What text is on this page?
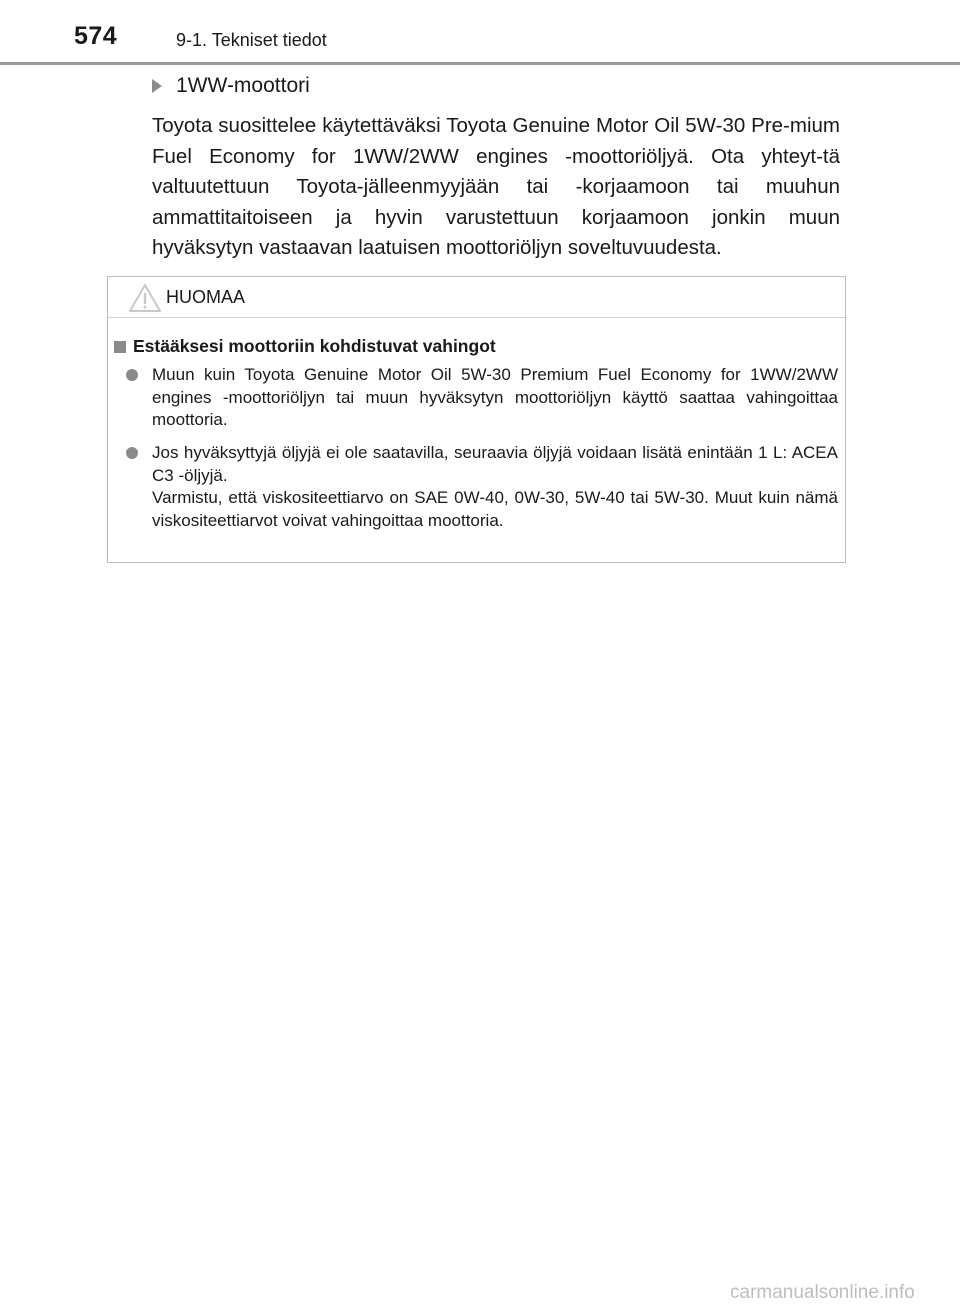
574	9-1. Tekniset tiedot
1WW-moottori
Toyota suosittelee käytettäväksi Toyota Genuine Motor Oil 5W-30 Pre-mium Fuel Economy for 1WW/2WW engines -moottoriöljyä. Ota yhteyt-tä valtuutettuun Toyota-jälleenmyyjään tai -korjaamoon tai muuhun ammattitaitoiseen ja hyvin varustettuun korjaamoon jonkin muun hyväksytyn vastaavan laatuisen moottoriöljyn soveltuvuudesta.
HUOMAA
Estääksesi moottoriin kohdistuvat vahingot
Muun kuin Toyota Genuine Motor Oil 5W-30 Premium Fuel Economy for 1WW/2WW engines -moottoriöljyn tai muun hyväksytyn moottoriöljyn käyttö saattaa vahingoittaa moottoria.
Jos hyväksyttyjä öljyjä ei ole saatavilla, seuraavia öljyjä voidaan lisätä enintään 1 L: ACEA C3 -öljyjä.
Varmistu, että viskositeettiarvo on SAE 0W-40, 0W-30, 5W-40 tai 5W-30. Muut kuin nämä viskositeettiarvot voivat vahingoittaa moottoria.
carmanualsonline.info
